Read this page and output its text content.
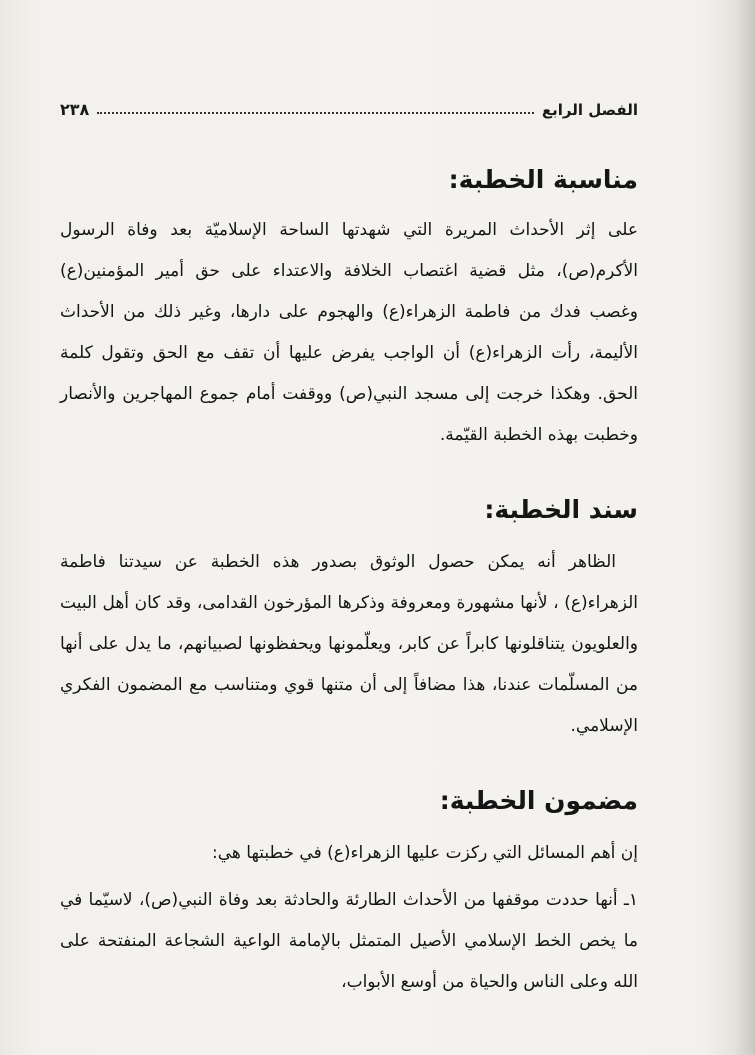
الفصل الرابع
٢٣٨
مناسبة الخطبة:

على إثر الأحداث المريرة التي شهدتها الساحة الإسلاميّة بعد وفاة الرسول الأكرم(ص)، مثل قضية اغتصاب الخلافة والاعتداء على حق أمير المؤمنين(ع) وغصب فدك من فاطمة الزهراء(ع) والهجوم على دارها، وغير ذلك من الأحداث الأليمة، رأت الزهراء(ع) أن الواجب يفرض عليها أن تقف مع الحق وتقول كلمة الحق. وهكذا خرجت إلى مسجد النبي(ص) ووقفت أمام جموع المهاجرين والأنصار وخطبت بهذه الخطبة القيّمة.

سند الخطبة:

الظاهر أنه يمكن حصول الوثوق بصدور هذه الخطبة عن سيدتنا فاطمة الزهراء(ع) ، لأنها مشهورة ومعروفة وذكرها المؤرخون القدامى، وقد كان أهل البيت والعلويون يتناقلونها كابراً عن كابر، ويعلّمونها ويحفظونها لصبيانهم، ما يدل على أنها من المسلّمات عندنا، هذا مضافاً إلى أن متنها قوي ومتناسب مع المضمون الفكري الإسلامي.

مضمون الخطبة:

إن أهم المسائل التي ركزت عليها الزهراء(ع) في خطبتها هي:

١ـ أنها حددت موقفها من الأحداث الطارئة والحادثة بعد وفاة النبي(ص)، لاسيّما في ما يخص الخط الإسلامي الأصيل المتمثل بالإمامة الواعية الشجاعة المنفتحة على الله وعلى الناس والحياة من أوسع الأبواب،
